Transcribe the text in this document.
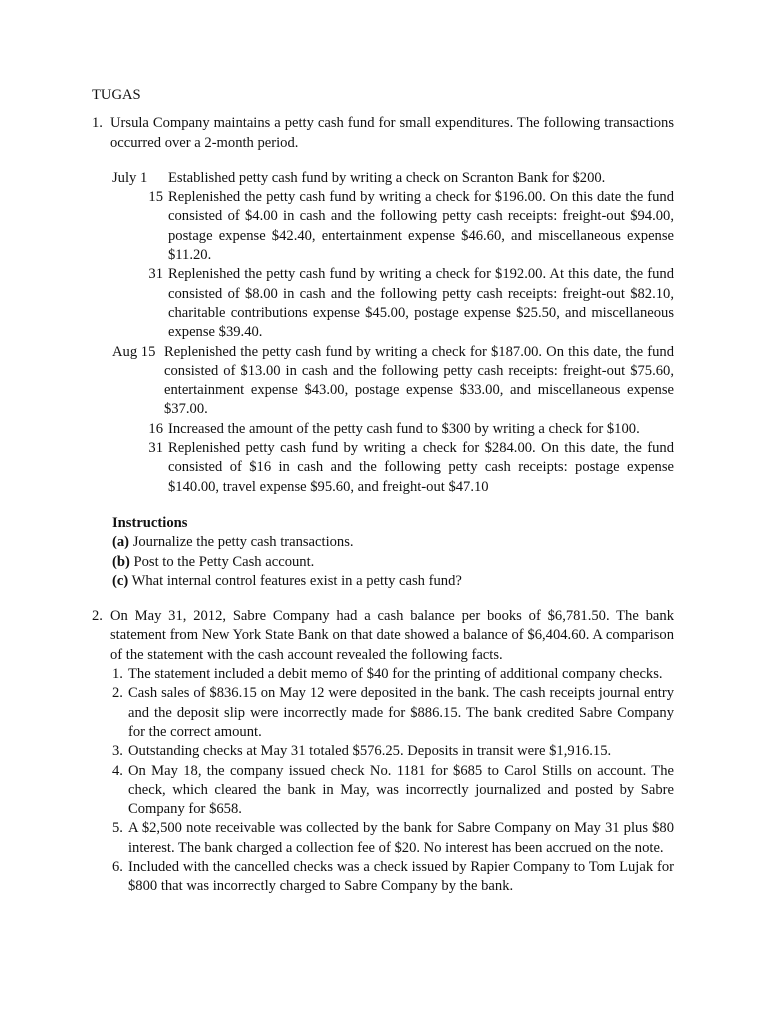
TUGAS
1. Ursula Company maintains a petty cash fund for small expenditures. The following transactions occurred over a 2-month period.
July 1	Established petty cash fund by writing a check on Scranton Bank for $200.
15 Replenished the petty cash fund by writing a check for $196.00. On this date the fund consisted of $4.00 in cash and the following petty cash receipts: freight-out $94.00, postage expense $42.40, entertainment expense $46.60, and miscellaneous expense $11.20.
31 Replenished the petty cash fund by writing a check for $192.00. At this date, the fund consisted of $8.00 in cash and the following petty cash receipts: freight-out $82.10, charitable contributions expense $45.00, postage expense $25.50, and miscellaneous expense $39.40.
Aug 15 Replenished the petty cash fund by writing a check for $187.00. On this date, the fund consisted of $13.00 in cash and the following petty cash receipts: freight-out $75.60, entertainment expense $43.00, postage expense $33.00, and miscellaneous expense $37.00.
16 Increased the amount of the petty cash fund to $300 by writing a check for $100.
31 Replenished petty cash fund by writing a check for $284.00. On this date, the fund consisted of $16 in cash and the following petty cash receipts: postage expense $140.00, travel expense $95.60, and freight-out $47.10
Instructions
(a) Journalize the petty cash transactions.
(b) Post to the Petty Cash account.
(c) What internal control features exist in a petty cash fund?
2. On May 31, 2012, Sabre Company had a cash balance per books of $6,781.50. The bank statement from New York State Bank on that date showed a balance of $6,404.60. A comparison of the statement with the cash account revealed the following facts.
1. The statement included a debit memo of $40 for the printing of additional company checks.
2. Cash sales of $836.15 on May 12 were deposited in the bank. The cash receipts journal entry and the deposit slip were incorrectly made for $886.15. The bank credited Sabre Company for the correct amount.
3. Outstanding checks at May 31 totaled $576.25. Deposits in transit were $1,916.15.
4. On May 18, the company issued check No. 1181 for $685 to Carol Stills on account. The check, which cleared the bank in May, was incorrectly journalized and posted by Sabre Company for $658.
5. A $2,500 note receivable was collected by the bank for Sabre Company on May 31 plus $80 interest. The bank charged a collection fee of $20. No interest has been accrued on the note.
6. Included with the cancelled checks was a check issued by Rapier Company to Tom Lujak for $800 that was incorrectly charged to Sabre Company by the bank.
